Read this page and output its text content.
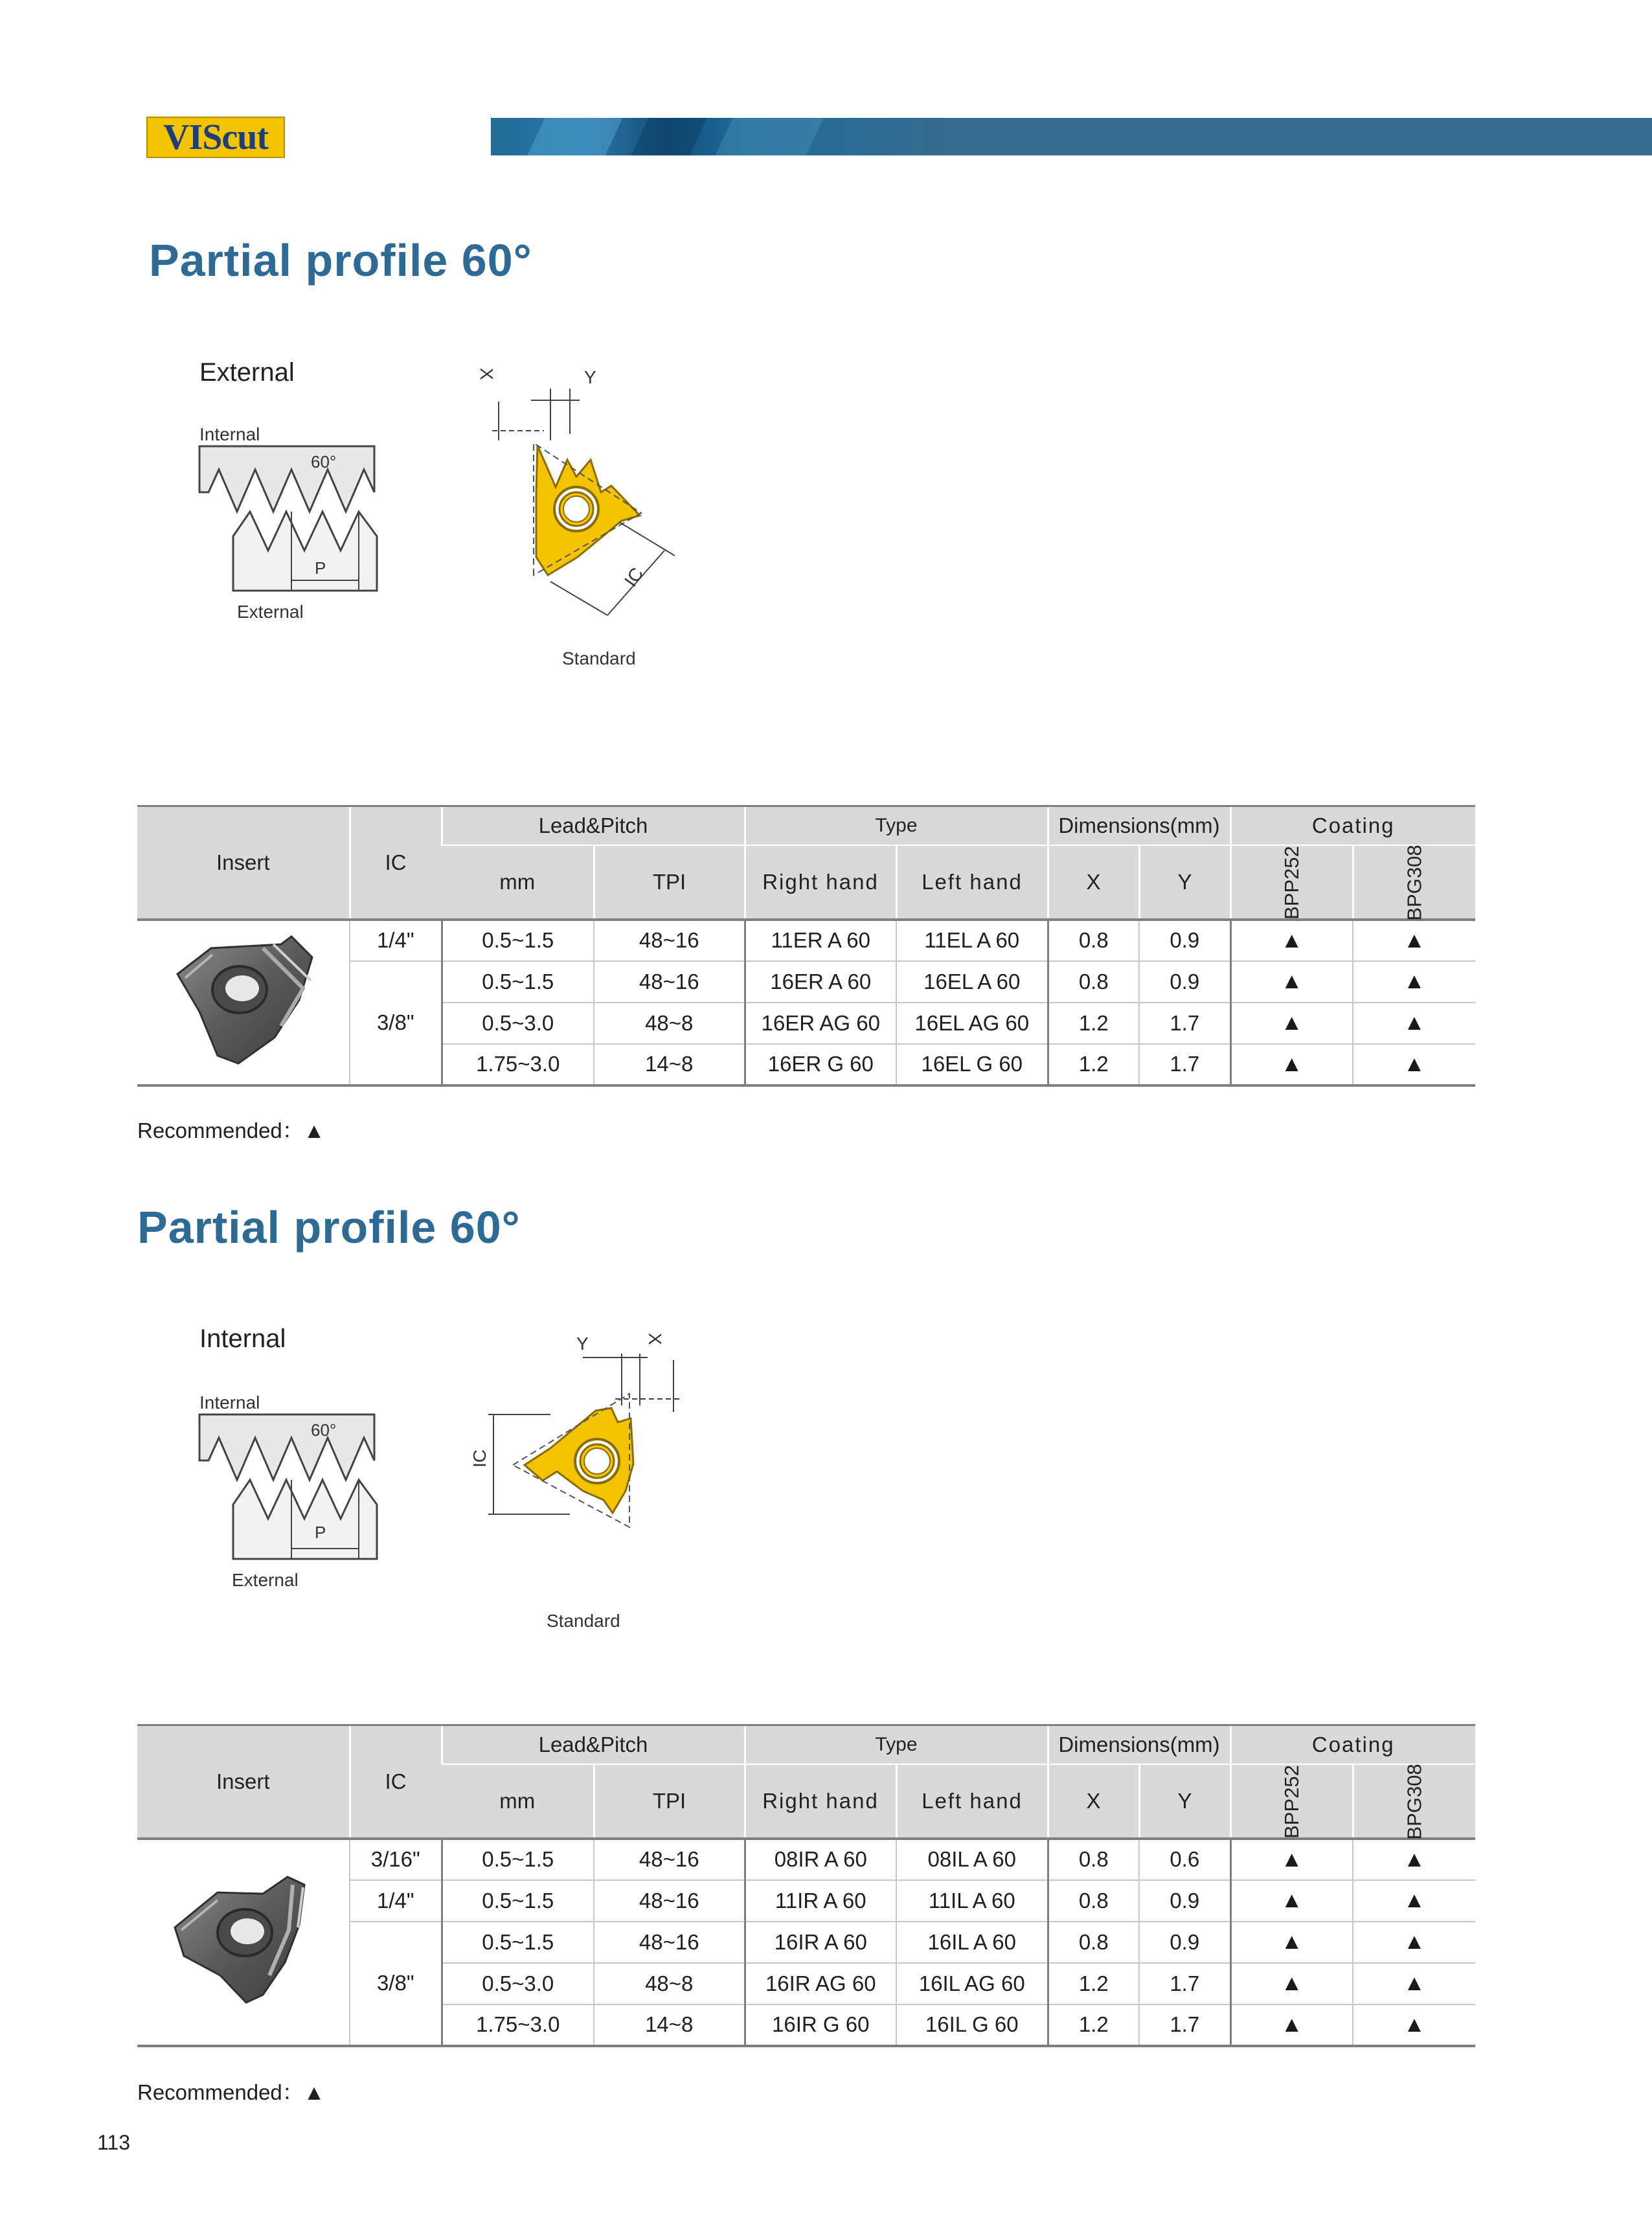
VIScut
Partial profile 60°
External
Internal
P
60°
External
X	Y
IC
Standard
Insert	IC	Lead&Pitch		Type		Dimensions(mm)		Coating	
		mm	TPI	Right hand	Left hand	X	Y	BPP252	BPG308
	1/4"	0.5~1.5	48~16	11ER A 60	11EL A 60	0.8	0.9	▲	▲
	3/8"	0.5~1.5	48~16	16ER A 60	16EL A 60	0.8	0.9	▲	▲
		0.5~3.0	48~8	16ER AG 60	16EL AG 60	1.2	1.7	▲	▲
		1.75~3.0	14~8	16ER G 60	16EL G 60	1.2	1.7	▲	▲
Recommended：▲
Partial profile 60°
Internal
Internal
P
60°
External
Y	X
IC
Standard
Insert	IC	Lead&Pitch		Type		Dimensions(mm)		Coating	
		mm	TPI	Right hand	Left hand	X	Y	BPP252	BPG308
	3/16"	0.5~1.5	48~16	08IR A 60	08IL A 60	0.8	0.6	▲	▲
	1/4"	0.5~1.5	48~16	11IR A 60	11IL A 60	0.8	0.9	▲	▲
	3/8"	0.5~1.5	48~16	16IR A 60	16IL A 60	0.8	0.9	▲	▲
		0.5~3.0	48~8	16IR AG 60	16IL AG 60	1.2	1.7	▲	▲
		1.75~3.0	14~8	16IR G 60	16IL G 60	1.2	1.7	▲	▲
Recommended：▲
113
